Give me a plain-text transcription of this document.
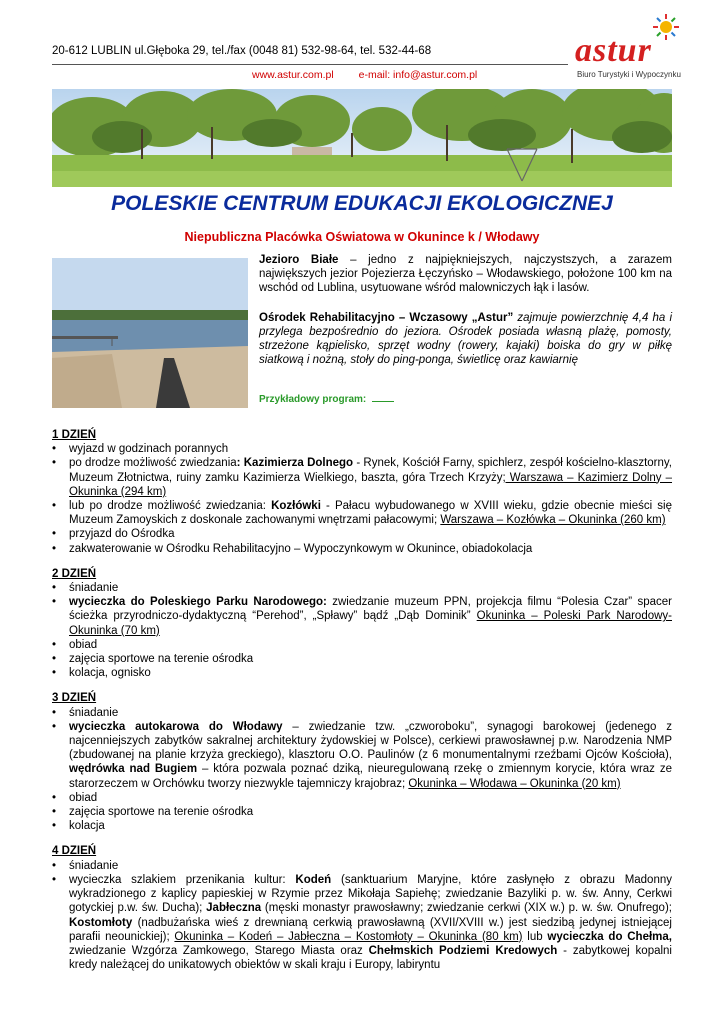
20-612 LUBLIN ul.Głęboka 29, tel./fax (0048 81) 532-98-64, tel. 532-44-68
www.astur.com.pl e-mail: info@astur.com.pl
astur
Biuro Turystyki i Wypoczynku
POLESKIE CENTRUM EDUKACJI EKOLOGICZNEJ
Niepubliczna Placówka Oświatowa w Okunince k / Włodawy

Jezioro Białe – jedno z najpiękniejszych, najczystszych, a zarazem największych jezior Pojezierza Łęczyńsko – Włodawskiego, położone 100 km na wschód od Lublina, usytuowane wśród malowniczych łąk i lasów.

Ośrodek Rehabilitacyjno – Wczasowy „Astur” zajmuje powierzchnię 4,4 ha i przylega bezpośrednio do jeziora. Ośrodek posiada własną plażę, pomosty, strzeżone kąpielisko, sprzęt wodny (rowery, kajaki) boiska do gry w piłkę siatkową i nożną, stoły do ping-ponga, świetlicę oraz kawiarnię

Przykładowy program:

1 DZIEŃ

• wyjazd w godzinach porannych
• po drodze możliwość zwiedzania: Kazimierza Dolnego - Rynek, Kościół Farny, spichlerz, zespół kościelno-klasztorny, Muzeum Złotnictwa, ruiny zamku Kazimierza Wielkiego, baszta, góra Trzech Krzyży; Warszawa – Kazimierz Dolny – Okuninka (294 km)
• lub po drodze możliwość zwiedzania: Kozłówki - Pałacu wybudowanego w XVIII wieku, gdzie obecnie mieści się Muzeum Zamoyskich z doskonale zachowanymi wnętrzami pałacowymi; Warszawa – Kozłówka – Okuninka (260 km)
• przyjazd do Ośrodka
• zakwaterowanie w Ośrodku Rehabilitacyjno – Wypoczynkowym w Okunince, obiadokolacja

2 DZIEŃ

• śniadanie
• wycieczka do Poleskiego Parku Narodowego: zwiedzanie muzeum PPN, projekcja filmu “Polesia Czar” spacer ścieżka przyrodniczo-dydaktyczną “Perehod”, „Spławy” bądź „Dąb Dominik” Okuninka – Poleski Park Narodowy- Okuninka (70 km)
• obiad
• zajęcia sportowe na terenie ośrodka
• kolacja, ognisko

3 DZIEŃ

• śniadanie
• wycieczka autokarowa do Włodawy – zwiedzanie tzw. „czworoboku”, synagogi barokowej (jedenego z najcenniejszych zabytków sakralnej architektury żydowskiej w Polsce), cerkiewi prawosławnej p.w. Narodzenia NMP (zbudowanej na planie krzyża greckiego), klasztoru O.O. Paulinów (z 6 monumentalnymi rzeźbami Ojców Kościoła), wędrówka nad Bugiem – która pozwala poznać dziką, nieuregulowaną rzekę o zmiennym korycie, która wraz ze starorzeczem w Orchówku tworzy niezwykle tajemniczy krajobraz; Okuninka – Włodawa – Okuninka (20 km)
• obiad
• zajęcia sportowe na terenie ośrodka
• kolacja

4 DZIEŃ

• śniadanie
• wycieczka szlakiem przenikania kultur: Kodeń (sanktuarium Maryjne, które zasłynęło z obrazu Madonny wykradzionego z kaplicy papieskiej w Rzymie przez Mikołaja Sapiehę; zwiedzanie Bazyliki p. w. św. Anny, Cerkwi gotyckiej p.w. św. Ducha); Jabłeczna (męski monastyr prawosławny; zwiedzanie cerkwi (XIX w.) p. w. św. Onufrego); Kostomłoty (nadbużańska wieś z drewnianą cerkwią prawosławną (XVII/XVIII w.) jest siedzibą jedynej istniejącej parafii neounickiej); Okuninka – Kodeń – Jabłeczna – Kostomłoty – Okuninka (80 km) lub wycieczka do Chełma, zwiedzanie Wzgórza Zamkowego, Starego Miasta oraz Chełmskich Podziemi Kredowych - zabytkowej kopalni kredy należącej do unikatowych obiektów w skali kraju i Europy, labiryntu
